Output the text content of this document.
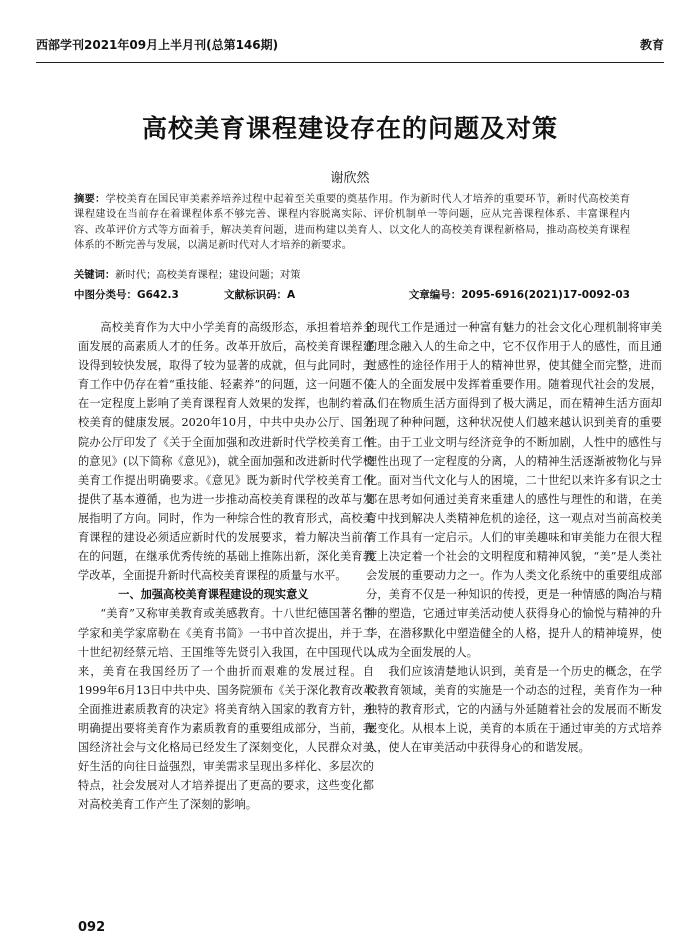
西部学刊2021年09月上半月刊(总第146期)	教育
高校美育课程建设存在的问题及对策
谢欣然
摘要：学校美育在国民审美素养培养过程中起着至关重要的奠基作用。作为新时代人才培养的重要环节，新时代高校美育课程建设在当前存在着课程体系不够完善、课程内容脱离实际、评价机制单一等问题，应从完善课程体系、丰富课程内容、改革评价方式等方面着手，解决美育问题，进而构建以美育人、以文化人的高校美育课程新格局，推动高校美育课程体系的不断完善与发展，以满足新时代对人才培养的新要求。
关键词：新时代；高校美育课程；建设问题；对策
中图分类号：G642.3	文献标识码：A	文章编号：2095-6916(2021)17-0092-03

高校美育作为大中小学美育的高级形态，承担着培养全面发展的高素质人才的任务。改革开放后，高校美育课程建设得到较快发展，取得了较为显著的成就，但与此同时，美育工作中仍存在着“重技能、轻素养”的问题，这一问题不仅在一定程度上影响了美育课程育人效果的发挥，也制约着高校美育的健康发展。2020年10月，中共中央办公厅、国务院办公厅印发了《关于全面加强和改进新时代学校美育工作的意见》(以下简称《意见》)，就全面加强和改进新时代学校美育工作提出明确要求。《意见》既为新时代学校美育工作提供了基本遵循，也为进一步推动高校美育课程的改革与发展指明了方向。同时，作为一种综合性的教育形式，高校美育课程的建设必须适应新时代的发展要求，着力解决当前存在的问题，在继承优秀传统的基础上推陈出新，深化美育教学改革，全面提升新时代高校美育课程的质量与水平。

一、加强高校美育课程建设的现实意义

“美育”又称审美教育或美感教育。十八世纪德国著名哲学家和美学家席勒在《美育书简》一书中首次提出，并于二十世纪初经蔡元培、王国维等先贤引入我国，在中国现代以来，美育在我国经历了一个曲折而艰难的发展过程。自1999年6月13日中共中央、国务院颁布《关于深化教育改革全面推进素质教育的决定》将美育纳入国家的教育方针，并明确提出要将美育作为素质教育的重要组成部分，当前，我国经济社会与文化格局已经发生了深刻变化，人民群众对美好生活的向往日益强烈，审美需求呈现出多样化、多层次的特点，社会发展对人才培养提出了更高的要求，这些变化都对高校美育工作产生了深刻的影响。

的现代工作是通过一种富有魅力的社会文化心理机制将审美的理念融入人的生命之中，它不仅作用于人的感性，而且通过感性的途径作用于人的精神世界，使其健全而完整，进而在人的全面发展中发挥着重要作用。随着现代社会的发展，人们在物质生活方面得到了极大满足，而在精神生活方面却出现了种种问题，这种状况使人们越来越认识到美育的重要性。由于工业文明与经济竞争的不断加剧，人性中的感性与理性出现了一定程度的分离，人的精神生活逐渐被物化与异化。面对当代文化与人的困境，二十世纪以来许多有识之士都在思考如何通过美育来重建人的感性与理性的和谐，在美育中找到解决人类精神危机的途径，这一观点对当前高校美育工作具有一定启示。人们的审美趣味和审美能力在很大程度上决定着一个社会的文明程度和精神风貌，“美”是人类社会发展的重要动力之一。作为人类文化系统中的重要组成部分，美育不仅是一种知识的传授，更是一种情感的陶冶与精神的塑造，它通过审美活动使人获得身心的愉悦与精神的升华，在潜移默化中塑造健全的人格，提升人的精神境界，使人成为全面发展的人。

我们应该清楚地认识到，美育是一个历史的概念，在学校教育领域，美育的实施是一个动态的过程，美育作为一种独特的教育形式，它的内涵与外延随着社会的发展而不断发展变化。从根本上说，美育的本质在于通过审美的方式培养人，使人在审美活动中获得身心的和谐发展。

092
